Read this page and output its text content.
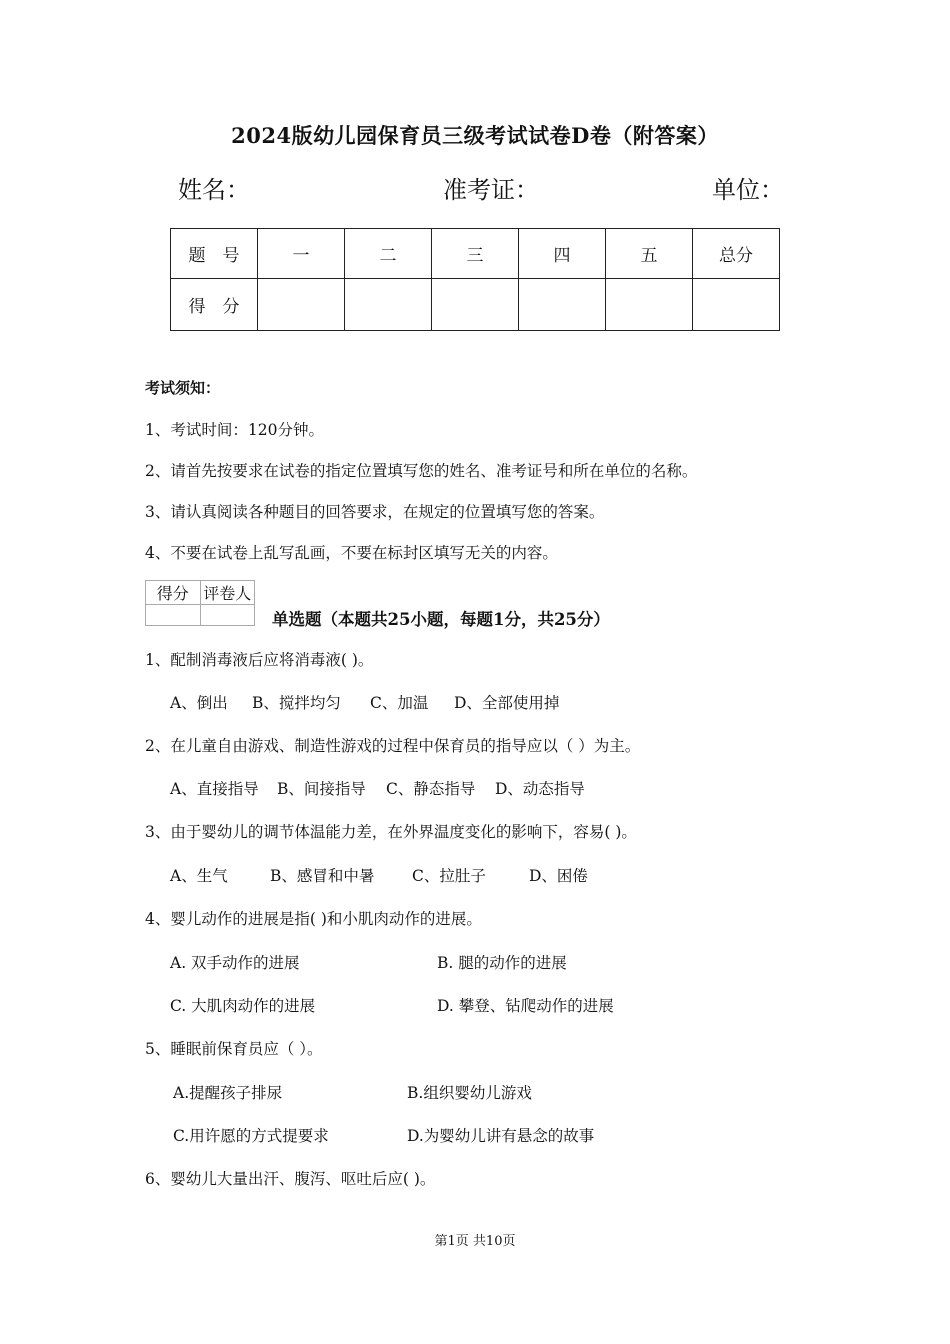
2024版幼儿园保育员三级考试试卷D卷（附答案）
姓名：	准考证：	单位：
题　号	一	二	三	四	五	总分
得　分						
考试须知：
1、考试时间：120分钟。
2、请首先按要求在试卷的指定位置填写您的姓名、准考证号和所在单位的名称。
3、请认真阅读各种题目的回答要求，在规定的位置填写您的答案。
4、不要在试卷上乱写乱画，不要在标封区填写无关的内容。
得分	评卷人

单选题（本题共25小题，每题1分，共25分）
1、配制消毒液后应将消毒液( )。
A、倒出 B、搅拌均匀 C、加温 D、全部使用掉
2、在儿童自由游戏、制造性游戏的过程中保育员的指导应以（ ）为主。
A、直接指导 B、间接指导 C、静态指导 D、动态指导
3、由于婴幼儿的调节体温能力差，在外界温度变化的影响下，容易( )。
A、生气	B、感冒和中暑 C、拉肚子	D、困倦
4、婴儿动作的进展是指( )和小肌肉动作的进展。
A. 双手动作的进展	B. 腿的动作的进展
C. 大肌肉动作的进展	D. 攀登、钻爬动作的进展
5、睡眠前保育员应（ ）。
A.提醒孩子排尿	B.组织婴幼儿游戏
C.用许愿的方式提要求	D.为婴幼儿讲有悬念的故事
6、婴幼儿大量出汗、腹泻、呕吐后应( )。
第1页 共10页
